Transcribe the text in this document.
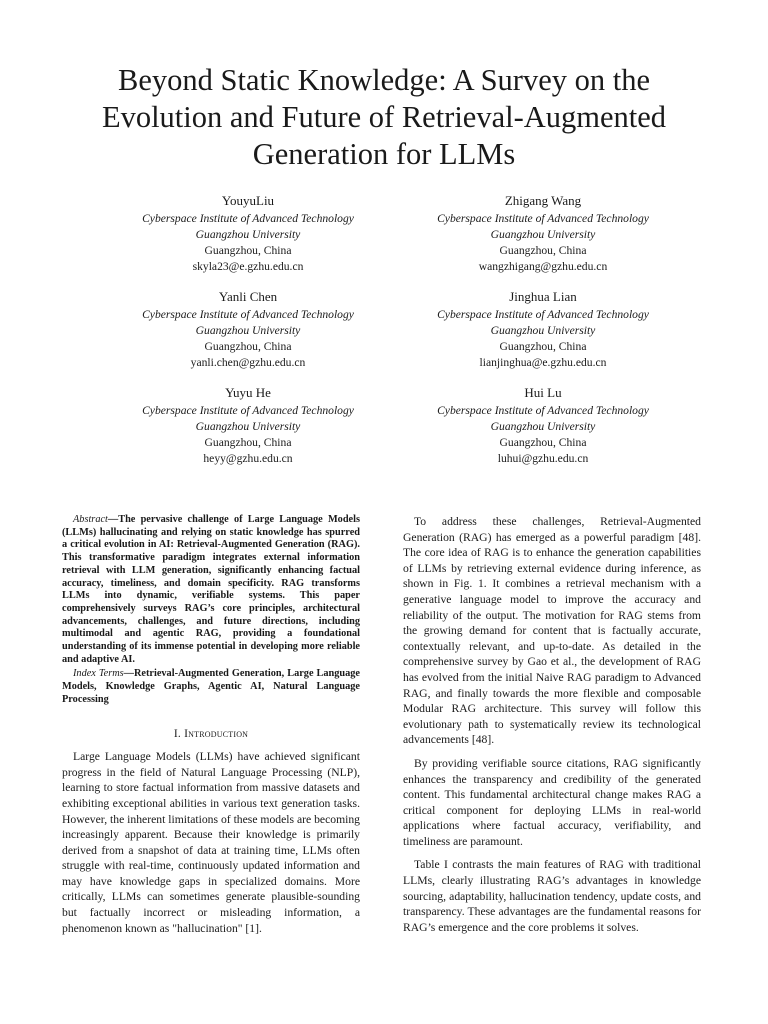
Beyond Static Knowledge: A Survey on the Evolution and Future of Retrieval-Augmented Generation for LLMs
YouyuLiu
Cyberspace Institute of Advanced Technology
Guangzhou University
Guangzhou, China
skyla23@e.gzhu.edu.cn
Zhigang Wang
Cyberspace Institute of Advanced Technology
Guangzhou University
Guangzhou, China
wangzhigang@gzhu.edu.cn
Yanli Chen
Cyberspace Institute of Advanced Technology
Guangzhou University
Guangzhou, China
yanli.chen@gzhu.edu.cn
Jinghua Lian
Cyberspace Institute of Advanced Technology
Guangzhou University
Guangzhou, China
lianjinghua@e.gzhu.edu.cn
Yuyu He
Cyberspace Institute of Advanced Technology
Guangzhou University
Guangzhou, China
heyy@gzhu.edu.cn
Hui Lu
Cyberspace Institute of Advanced Technology
Guangzhou University
Guangzhou, China
luhui@gzhu.edu.cn

Abstract—The pervasive challenge of Large Language Models (LLMs) hallucinating and relying on static knowledge has spurred a critical evolution in AI: Retrieval-Augmented Generation (RAG). This transformative paradigm integrates external information retrieval with LLM generation, significantly enhancing factual accuracy, timeliness, and domain specificity. RAG transforms LLMs into dynamic, verifiable systems. This paper comprehensively surveys RAG’s core principles, architectural advancements, challenges, and future directions, including multimodal and agentic RAG, providing a foundational understanding of its immense potential in developing more reliable and adaptive AI.

Index Terms—Retrieval-Augmented Generation, Large Language Models, Knowledge Graphs, Agentic AI, Natural Language Processing

I. Introduction

Large Language Models (LLMs) have achieved significant progress in the field of Natural Language Processing (NLP), learning to store factual information from massive datasets and exhibiting exceptional abilities in various text generation tasks. However, the inherent limitations of these models are becoming increasingly apparent. Because their knowledge is primarily derived from a snapshot of data at training time, LLMs often struggle with real-time, continuously updated information and may have knowledge gaps in specialized domains. More critically, LLMs can sometimes generate plausible-sounding but factually incorrect or misleading information, a phenomenon known as "hallucination" [1].

To address these challenges, Retrieval-Augmented Generation (RAG) has emerged as a powerful paradigm [48]. The core idea of RAG is to enhance the generation capabilities of LLMs by retrieving external evidence during inference, as shown in Fig. 1. It combines a retrieval mechanism with a generative language model to improve the accuracy and reliability of the output. The motivation for RAG stems from the growing demand for content that is factually accurate, contextually relevant, and up-to-date. As detailed in the comprehensive survey by Gao et al., the development of RAG has evolved from the initial Naive RAG paradigm to Advanced RAG, and finally towards the more flexible and composable Modular RAG architecture. This survey will follow this evolutionary path to systematically review its technological advancements [48].

By providing verifiable source citations, RAG significantly enhances the transparency and credibility of the generated content. This fundamental architectural change makes RAG a critical component for deploying LLMs in real-world applications where factual accuracy, verifiability, and timeliness are paramount.

Table I contrasts the main features of RAG with traditional LLMs, clearly illustrating RAG’s advantages in knowledge sourcing, adaptability, hallucination tendency, update costs, and transparency. These advantages are the fundamental reasons for RAG’s emergence and the core problems it solves.
